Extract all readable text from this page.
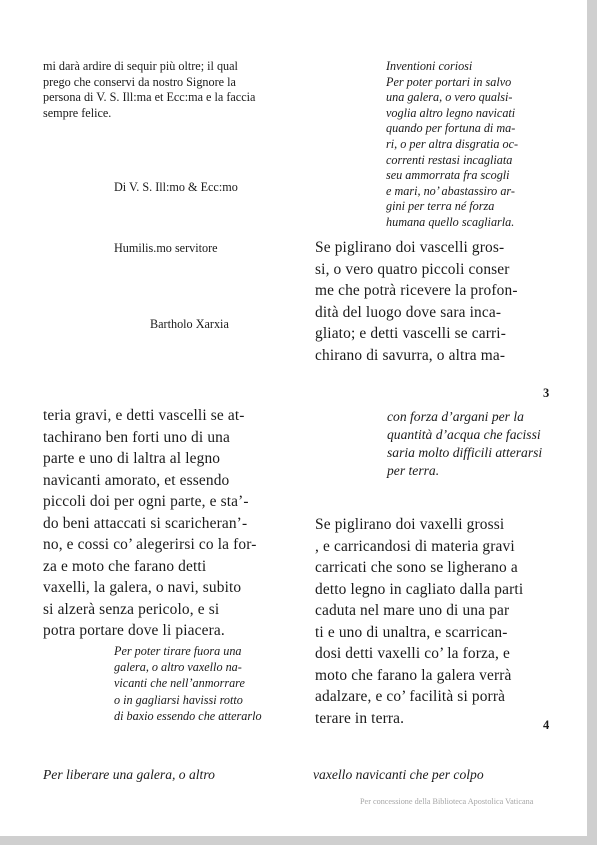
mi darà ardire di sequir più oltre; il qual
prego che conservi da nostro Signore la
persona di V. S. Ill:ma et Ecc:ma e la faccia
sempre felice.
Di V. S. Ill:mo & Ecc:mo
Humilis.mo servitore
Bartholo Xarxia
Inventioni coriosi
Per poter portari in salvo
una galera, o vero qualsi-
voglia altro legno navicati
quando per fortuna di ma-
ri, o per altra disgratia oc-
correnti restasi incagliata
seu ammorrata fra scogli
e mari, no’ abastassiro ar-
gini per terra né forza
humana quello scagliarla.
Se piglirano doi vascelli gros-
si, o vero quatro piccoli conser
me che potrà ricevere la profon-
dità del luogo dove sara inca-
gliato; e detti vascelli se carri-
chirano di savurra, o altra ma-
3
teria gravi, e detti vascelli se at-
tachirano ben forti uno di una
parte e uno di laltra al legno
navicanti amorato, et essendo
piccoli doi per ogni parte, e sta’-
do beni attaccati si scaricheran’-
no, e cossi co’ alegerirsi co la for-
za e moto che farano detti
vaxelli, la galera, o navi, subito
si alzerà senza pericolo, e si
potra portare dove li piacera.
con forza d’argani per la
quantità d’acqua che facissi
saria molto difficili atterarsi
per terra.
Se piglirano doi vaxelli grossi
, e carricandosi di materia gravi
carricati che sono se ligherano a
detto legno in cagliato dalla parti
caduta nel mare uno di una par
ti e uno di unaltra, e scarrican-
dosi detti vaxelli co’ la forza, e
moto che farano la galera verrà
adalzare, e co’ facilità si porrà
terare in terra.
Per poter tirare fuora una
galera, o altro vaxello na-
vicanti che nell’anmorrare
o in gagliarsi havissi rotto
di baxio essendo che atterarlo
4
Per liberare una galera, o altro	vaxello navicanti che per colpo
Per concessione della Biblioteca Apostolica Vaticana
